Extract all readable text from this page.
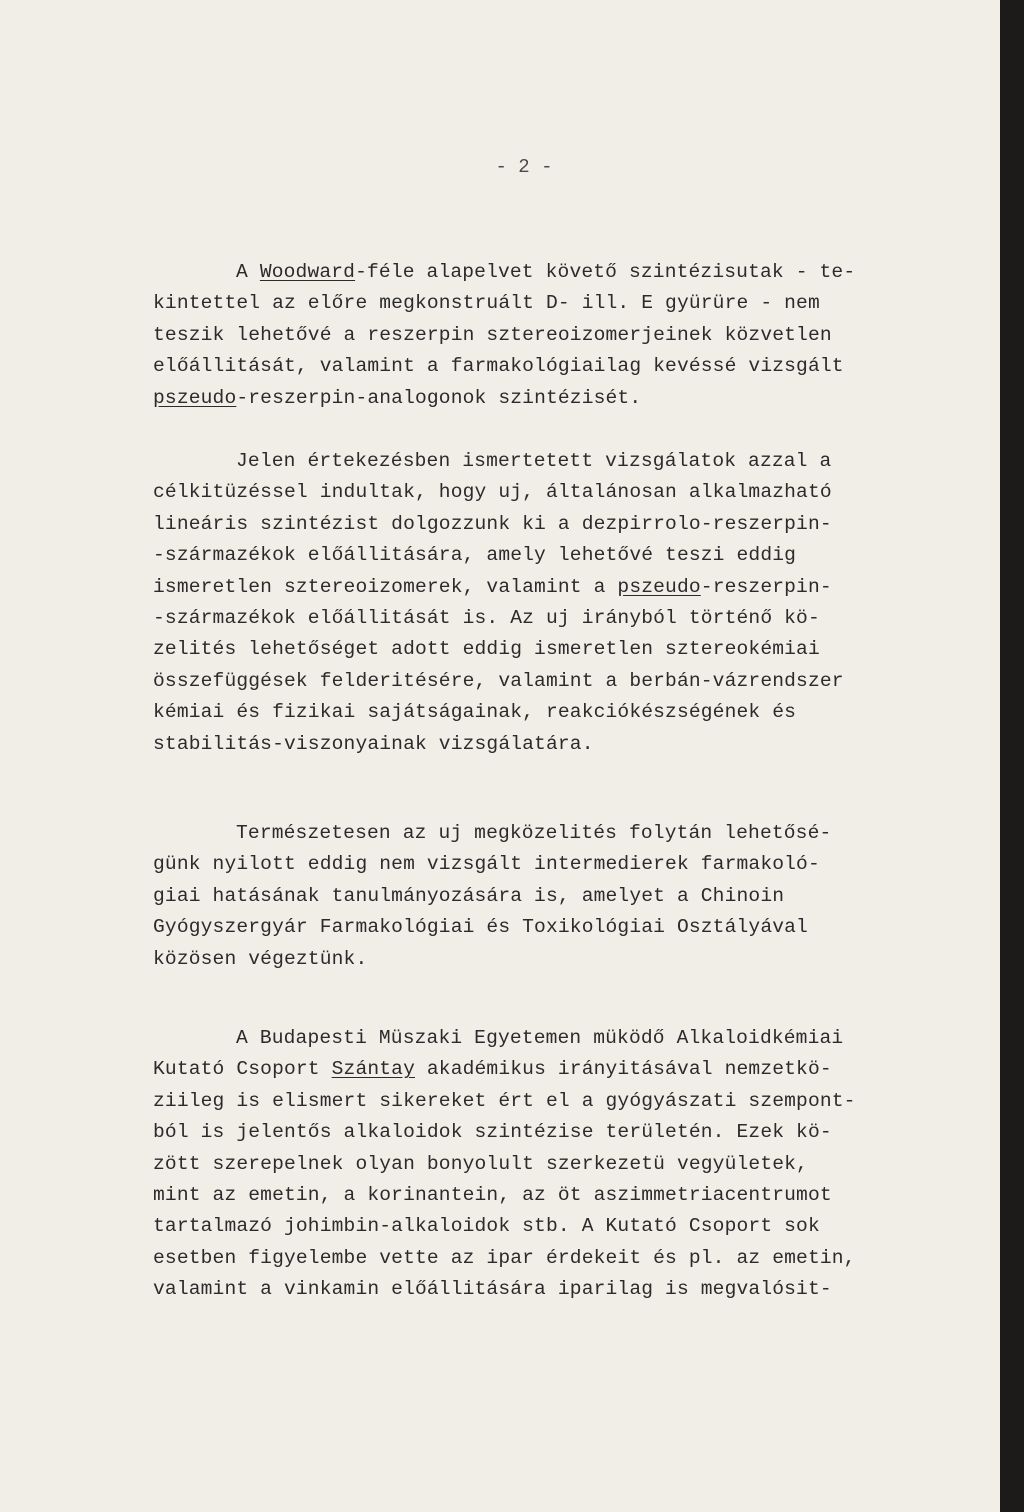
- 2 -
A Woodward-féle alapelvet követő szintézisutak - te-
kintettel az előre megkonstruált D- ill. E gyürüre - nem
teszik lehetővé a reszerpin sztereoizomerjeinek közvetlen
előállitását, valamint a farmakológiailag kevéssé vizsgált
pszeudo-reszerpin-analogonok szintézisét.
Jelen értekezésben ismertetett vizsgálatok azzal a
célkitüzéssel indultak, hogy uj, általánosan alkalmazható
lineáris szintézist dolgozzunk ki a dezpirrolo-reszerpin-
-származékok előállitására, amely lehetővé teszi eddig
ismeretlen sztereoizomerek, valamint a pszeudo-reszerpin-
-származékok előállitását is. Az uj irányból történő kö-
zelités lehetőséget adott eddig ismeretlen sztereokémiai
összefüggések felderitésére, valamint a berbán-vázrendszer
kémiai és fizikai sajátságainak, reakciókészségének és
stabilitás-viszonyainak vizsgálatára.
Természetesen az uj megközelités folytán lehetősé-
günk nyilott eddig nem vizsgált intermedierek farmakoló-
giai hatásának tanulmányozására is, amelyet a Chinoin
Gyógyszergyár Farmakológiai és Toxikológiai Osztályával
közösen végeztünk.
A Budapesti Müszaki Egyetemen müködő Alkaloidkémiai
Kutató Csoport Szántay akadémikus irányitásával nemzetkö-
ziileg is elismert sikereket ért el a gyógyászati szempont-
ból is jelentős alkaloidok szintézise területén. Ezek kö-
zött szerepelnek olyan bonyolult szerkezetü vegyületek,
mint az emetin, a korinantein, az öt aszimmetriacentrumot
tartalmazó johimbin-alkaloidok stb. A Kutató Csoport sok
esetben figyelembe vette az ipar érdekeit és pl. az emetin,
valamint a vinkamin előállitására iparilag is megvalósit-
